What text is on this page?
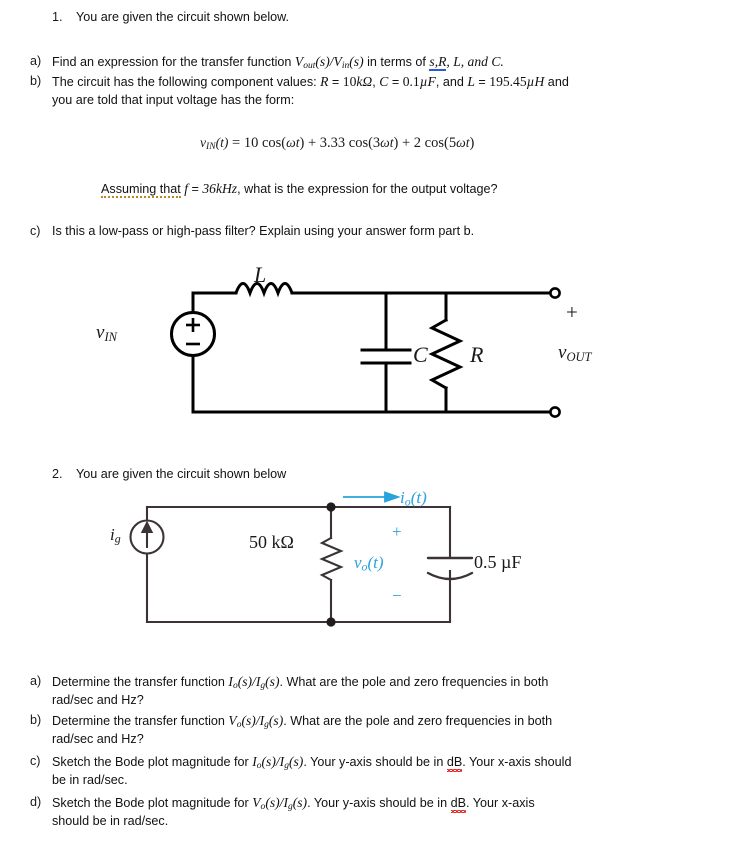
1. You are given the circuit shown below.
a) Find an expression for the transfer function $V_{out}(s)/V_{in}(s)$ in terms of s,R, L, and C.
b) The circuit has the following component values: R = 10kΩ, C = 0.1µF, and L = 195.45µH and
you are told that input voltage has the form:
$v_{IN}(t) = 10$ cos(ωt) + 3.33 cos(3ωt) + 2 cos(5ωt)
Assuming that f = 36kHz, what is the expression for the output voltage?
c) Is this a low-pass or high-pass filter? Explain using your answer form part b.
$v_{IN}$
L
C R
+
$v_{OUT}$
2. You are given the circuit shown below
$i_g$	50 kΩ
$i_o(t)$
+
$v_o(t)$
−
0.5 µF
a) Determine the transfer function $I_o(s)/I_g(s)$. What are the pole and zero frequencies in both
rad/sec and Hz?
b) Determine the transfer function $V_o(s)/I_g(s)$. What are the pole and zero frequencies in both
rad/sec and Hz?
c) Sketch the Bode plot magnitude for $I_o(s)/I_g(s)$. Your y-axis should be in dB. Your x-axis should
be in rad/sec.
d) Sketch the Bode plot magnitude for $V_o(s)/I_g(s)$. Your y-axis should be in dB. Your x-axis
should be in rad/sec.
